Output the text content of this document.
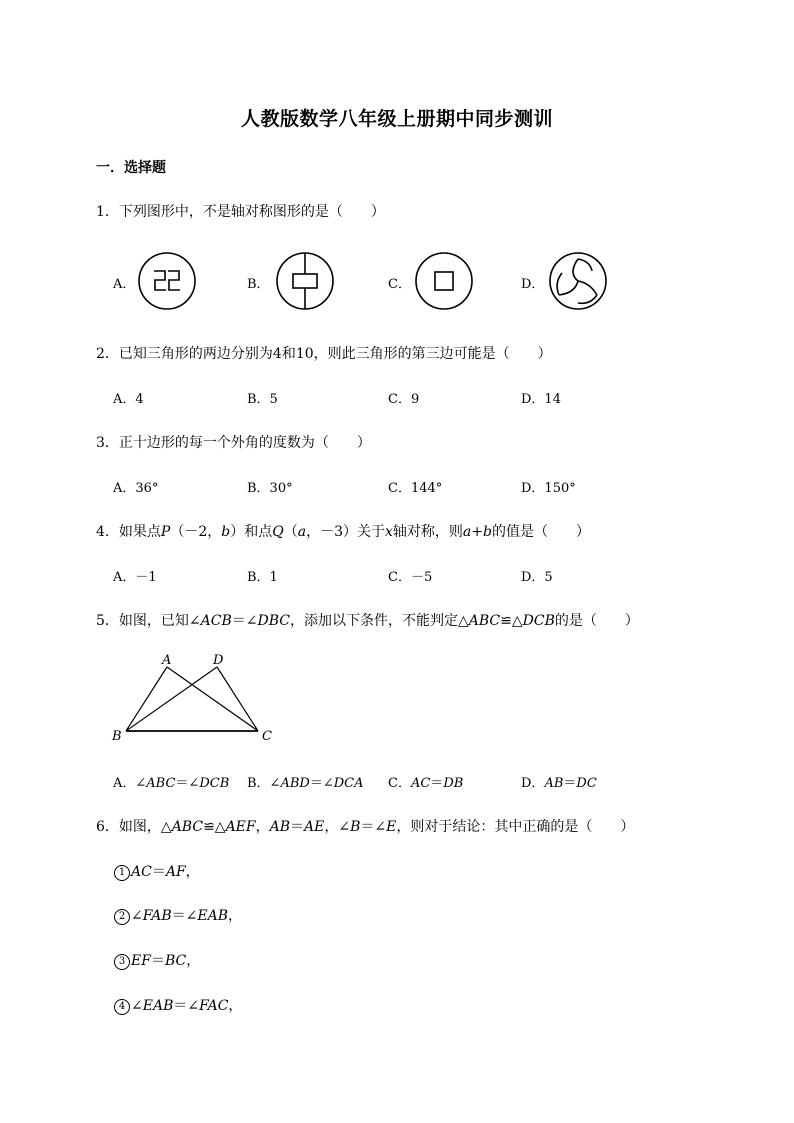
人教版数学八年级上册期中同步测训
一．选择题
1．下列图形中，不是轴对称图形的是（　　）
A．	B．	C．	D．
2．已知三角形的两边分别为4和10，则此三角形的第三边可能是（　　）
A．4	B．5	C．9	D．14
3．正十边形的每一个外角的度数为（　　）
A．36°	B．30°	C．144°	D．150°
4．如果点P（－2，b）和点Q（a，－3）关于x轴对称，则a+b的值是（　　）
A．－1	B．1	C．－5	D．5
5．如图，已知∠ACB＝∠DBC，添加以下条件，不能判定△ABC≌△DCB的是（　　）
A	D
B	C
A．∠ABC＝∠DCB B．∠ABD＝∠DCA C．AC＝DB	D．AB＝DC
6．如图，△ABC≌△AEF，AB＝AE，∠B＝∠E，则对于结论：其中正确的是（　　）
1 AC＝AF，
2 ∠FAB＝∠EAB，
3 EF＝BC，
4 ∠EAB＝∠FAC，
